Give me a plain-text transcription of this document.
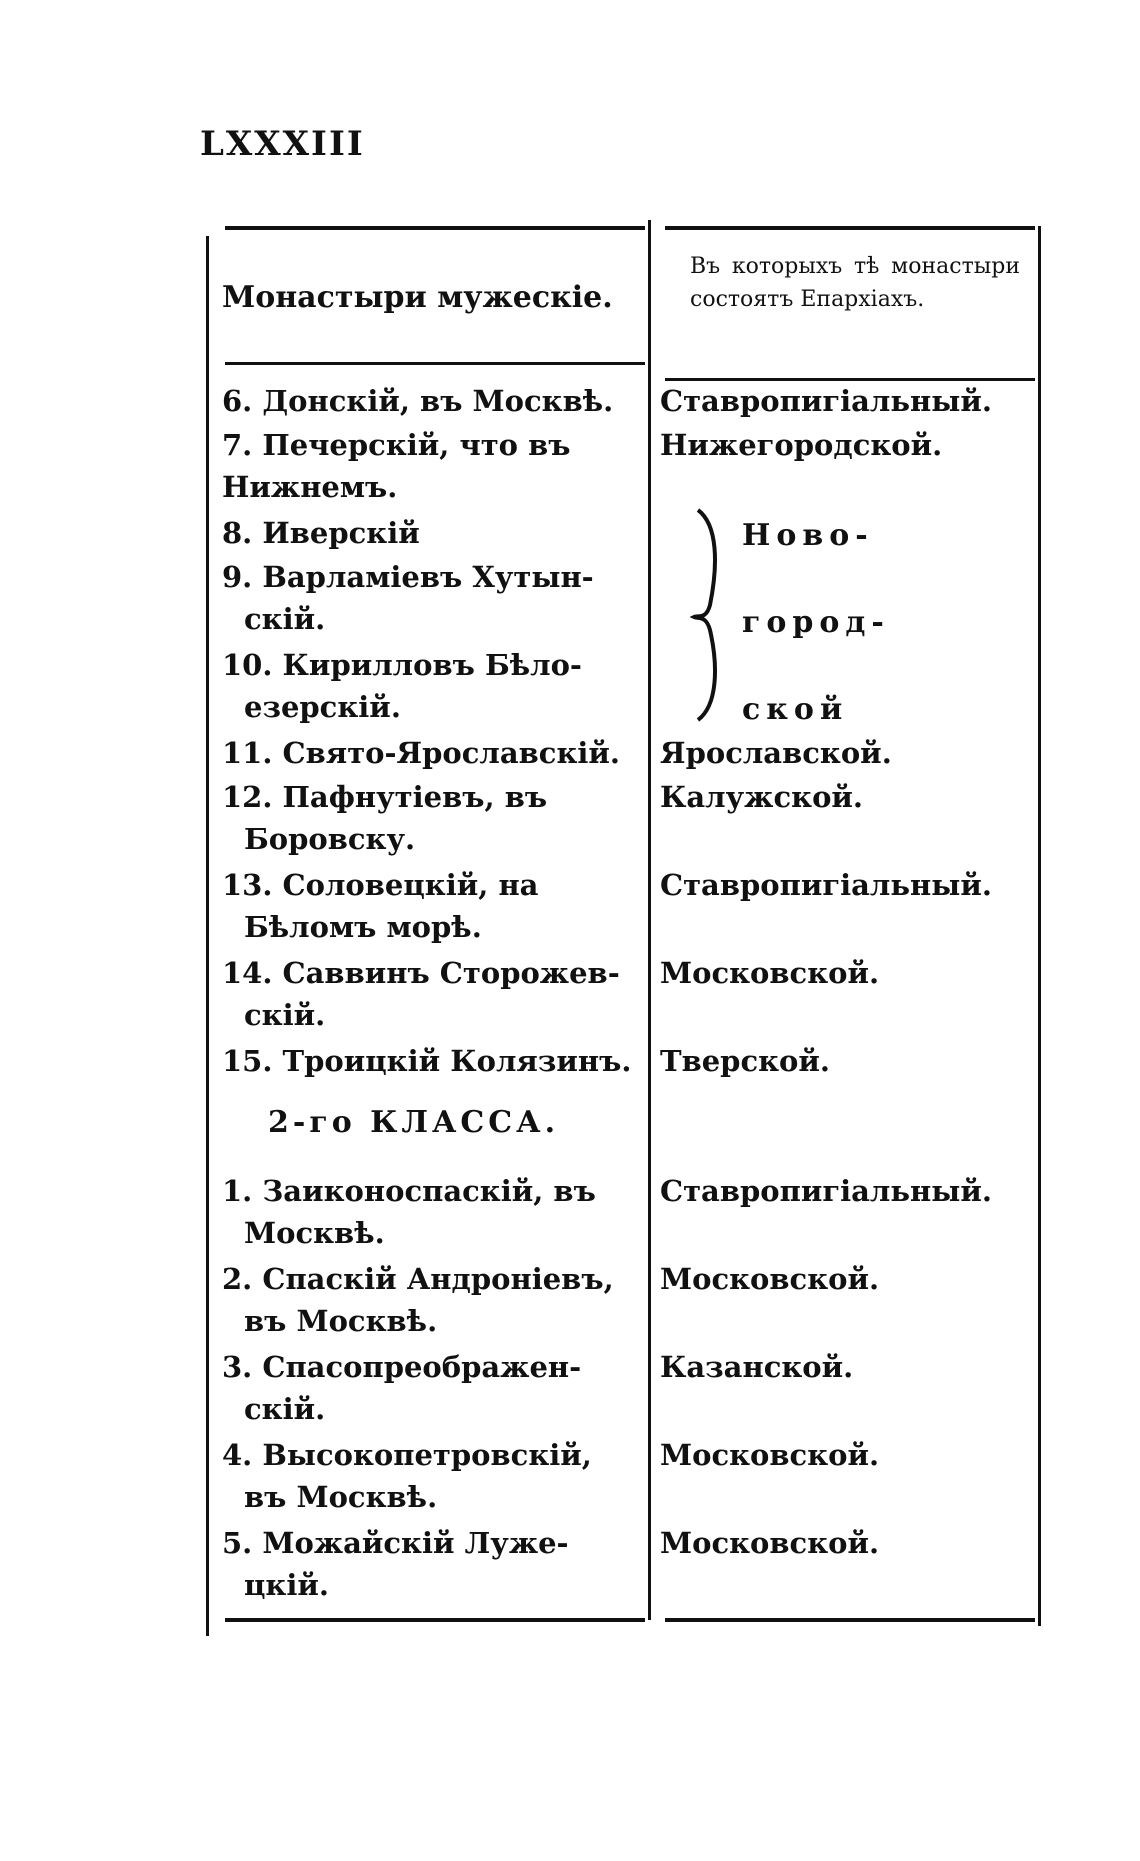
LXXXIII
Монастыри мужескіе.
Въ которыхъ тѣ монастыри состоятъ Епархіахъ.
6. Донскій, въ Москвѣ.	Ставропигіальный.
7. Печерскій, что въ
Нижнемъ.
Нижегородской.
8. Иверскій
9. Варламіевъ Хутын-
скій.
10. Кирилловъ Бѣло-
езерскій.
Ново-
город-
ской
11. Свято-Ярославскій.	Ярославской.
12. Пафнутіевъ, въ
Боровску.
Калужской.
13. Соловецкій, на
Бѣломъ морѣ.
Ставропигіальный.
14. Саввинъ Сторожев-
скій.
Московской.
15. Троицкій Колязинъ. Тверской.
2-го КЛАССА.
1. Заиконоспаскій, въ
Москвѣ.
Ставропигіальный.
2. Спаскій Андроніевъ,
въ Москвѣ.
Московской.
3. Спасопреображен-
скій.
Казанской.
4. Высокопетровскій,
въ Москвѣ.
Московской.
5. Можайскій Луже-
цкій.
Московской.
